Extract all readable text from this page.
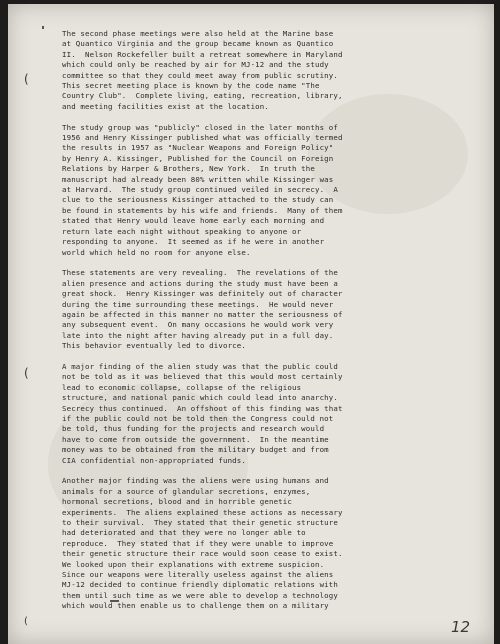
(
(
(
The second phase meetings were also held at the Marine base
at Quantico Virginia and the group became known as Quantico
II.  Nelson Rockefeller built a retreat somewhere in Maryland
which could only be reached by air for MJ-12 and the study
committee so that they could meet away from public scrutiny.
This secret meeting place is known by the code name "The
Country Club".  Complete living, eating, recreation, library,
and meeting facilities exist at the location.
The study group was "publicly" closed in the later months of
1956 and Henry Kissinger published what was officially termed
the results in 1957 as "Nuclear Weapons and Foreign Policy"
by Henry A. Kissinger, Published for the Council on Foreign
Relations by Harper & Brothers, New York.  In truth the
manuscript had already been 80% written while Kissinger was
at Harvard.  The study group continued veiled in secrecy.  A
clue to the seriousness Kissinger attached to the study can
be found in statements by his wife and friends.  Many of them
stated that Henry would leave home early each morning and
return late each night without speaking to anyone or
responding to anyone.  It seemed as if he were in another
world which held no room for anyone else.
These statements are very revealing.  The revelations of the
alien presence and actions during the study must have been a
great shock.  Henry Kissinger was definitely out of character
during the time surrounding these meetings.  He would never
again be affected in this manner no matter the seriousness of
any subsequent event.  On many occasions he would work very
late into the night after having already put in a full day.
This behavior eventually led to divorce.
A major finding of the alien study was that the public could
not be told as it was believed that this would most certainly
lead to economic collapse, collapse of the religious
structure, and national panic which could lead into anarchy.
Secrecy thus continued.  An offshoot of this finding was that
if the public could not be told then the Congress could not
be told, thus funding for the projects and research would
have to come from outside the government.  In the meantime
money was to be obtained from the military budget and from
CIA confidential non-appropriated funds.
Another major finding was the aliens were using humans and
animals for a source of glandular secretions, enzymes,
hormonal secretions, blood and in horrible genetic
experiments.  The aliens explained these actions as necessary
to their survival.  They stated that their genetic structure
had deteriorated and that they were no longer able to
reproduce.  They stated that if they were unable to improve
their genetic structure their race would soon cease to exist.
We looked upon their explanations with extreme suspicion.
Since our weapons were literally useless against the aliens
MJ-12 decided to continue friendly diplomatic relations with
them until such time as we were able to develop a technology
which would then enable us to challenge them on a military
12
